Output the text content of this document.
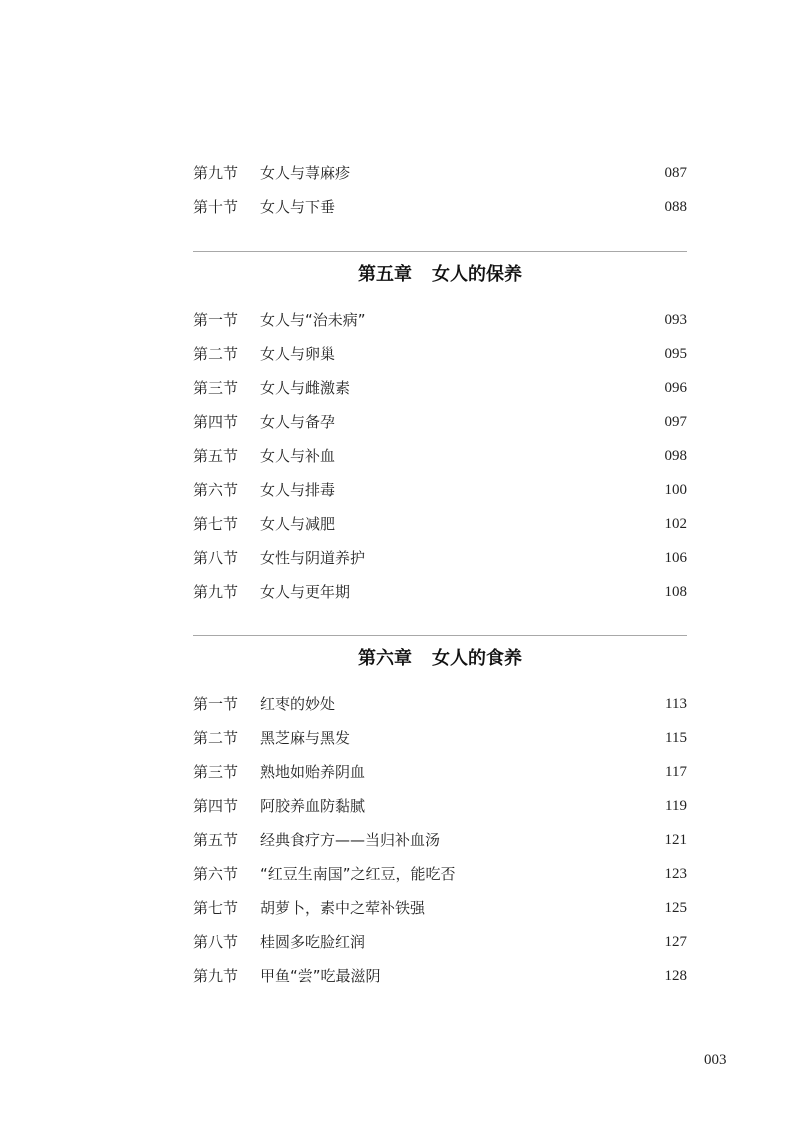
第九节 女人与荨麻疹	087
第十节 女人与下垂	088
第五章 女人的保养
第一节 女人与“治未病”	093
第二节 女人与卵巢	095
第三节 女人与雌激素	096
第四节 女人与备孕	097
第五节 女人与补血	098
第六节 女人与排毒	100
第七节 女人与减肥	102
第八节 女性与阴道养护	106
第九节 女人与更年期	108
第六章 女人的食养
第一节 红枣的妙处	113
第二节 黑芝麻与黑发	115
第三节 熟地如贻养阴血	117
第四节 阿胶养血防黏腻	119
第五节 经典食疗方——当归补血汤	121
第六节 “红豆生南国”之红豆，能吃否	123
第七节 胡萝卜，素中之荤补铁强	125
第八节 桂圆多吃脸红润	127
第九节 甲鱼“尝”吃最滋阴	128
003
